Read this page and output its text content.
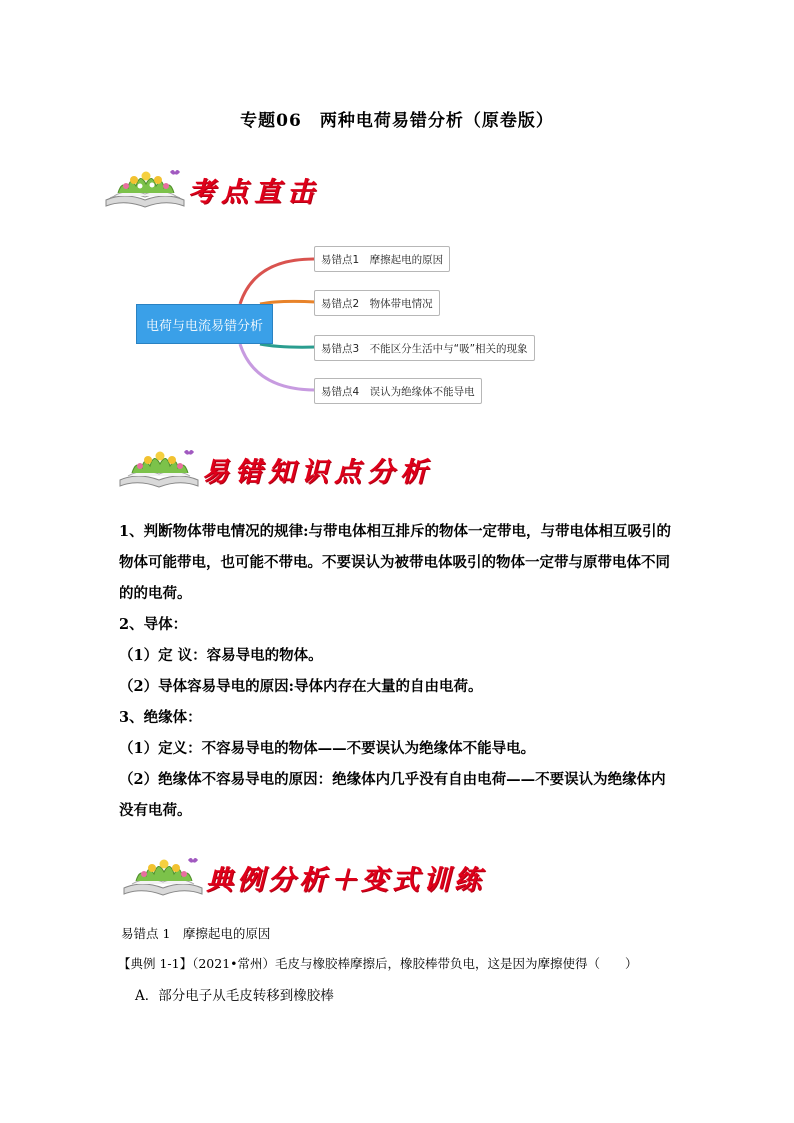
专题06　两种电荷易错分析（原卷版）
考点直击
电荷与电流易错分析
易错点1　摩擦起电的原因
易错点2　物体带电情况
易错点3　不能区分生活中与“吸”相关的现象
易错点4　误认为绝缘体不能导电
易错知识点分析

1、判断物体带电情况的规律:与带电体相互排斥的物体一定带电，与带电体相互吸引的物体可能带电，也可能不带电。不要误认为被带电体吸引的物体一定带与原带电体不同的的电荷。

2、导体：

（1）定 议：容易导电的物体。

（2）导体容易导电的原因:导体内存在大量的自由电荷。

3、绝缘体：

（1）定义：不容易导电的物体——不要误认为绝缘体不能导电。

（2）绝缘体不容易导电的原因：绝缘体内几乎没有自由电荷——不要误认为绝缘体内没有电荷。

典例分析＋变式训练
易错点 1　摩擦起电的原因
【典例 1-1】（2021•常州）毛皮与橡胶棒摩擦后，橡胶棒带负电，这是因为摩擦使得（　　）
A．部分电子从毛皮转移到橡胶棒
